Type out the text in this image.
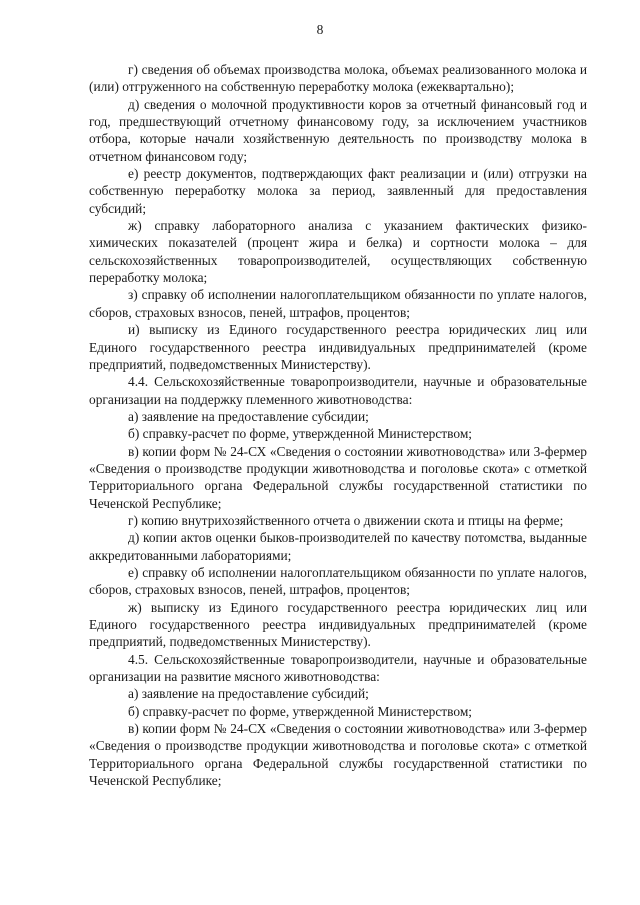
8

г) сведения об объемах производства молока, объемах реализованного молока и (или) отгруженного на собственную переработку молока (ежеквартально);

д) сведения о молочной продуктивности коров за отчетный финансовый год и год, предшествующий отчетному финансовому году, за исключением участников отбора, которые начали хозяйственную деятельность по производству молока в отчетном финансовом году;

е) реестр документов, подтверждающих факт реализации и (или) отгрузки на собственную переработку молока за период, заявленный для предоставления субсидий;

ж) справку лабораторного анализа с указанием фактических физико-химических показателей (процент жира и белка) и сортности молока – для сельскохозяйственных товаропроизводителей, осуществляющих собственную переработку молока;

з) справку об исполнении налогоплательщиком обязанности по уплате налогов, сборов, страховых взносов, пеней, штрафов, процентов;

и) выписку из Единого государственного реестра юридических лиц или Единого государственного реестра индивидуальных предпринимателей (кроме предприятий, подведомственных Министерству).

4.4. Сельскохозяйственные товаропроизводители, научные и образовательные организации на поддержку племенного животноводства:

а) заявление на предоставление субсидии;

б) справку-расчет по форме, утвержденной Министерством;

в) копии форм № 24-СХ «Сведения о состоянии животноводства» или 3-фермер «Сведения о производстве продукции животноводства и поголовье скота» с отметкой Территориального органа Федеральной службы государственной статистики по Чеченской Республике;

г) копию внутрихозяйственного отчета о движении скота и птицы на ферме;

д) копии актов оценки быков-производителей по качеству потомства, выданные аккредитованными лабораториями;

е) справку об исполнении налогоплательщиком обязанности по уплате налогов, сборов, страховых взносов, пеней, штрафов, процентов;

ж) выписку из Единого государственного реестра юридических лиц или Единого государственного реестра индивидуальных предпринимателей (кроме предприятий, подведомственных Министерству).

4.5. Сельскохозяйственные товаропроизводители, научные и образовательные организации на развитие мясного животноводства:

а) заявление на предоставление субсидий;

б) справку-расчет по форме, утвержденной Министерством;

в) копии форм № 24-СХ «Сведения о состоянии животноводства» или 3-фермер «Сведения о производстве продукции животноводства и поголовье скота» с отметкой Территориального органа Федеральной службы государственной статистики по Чеченской Республике;
